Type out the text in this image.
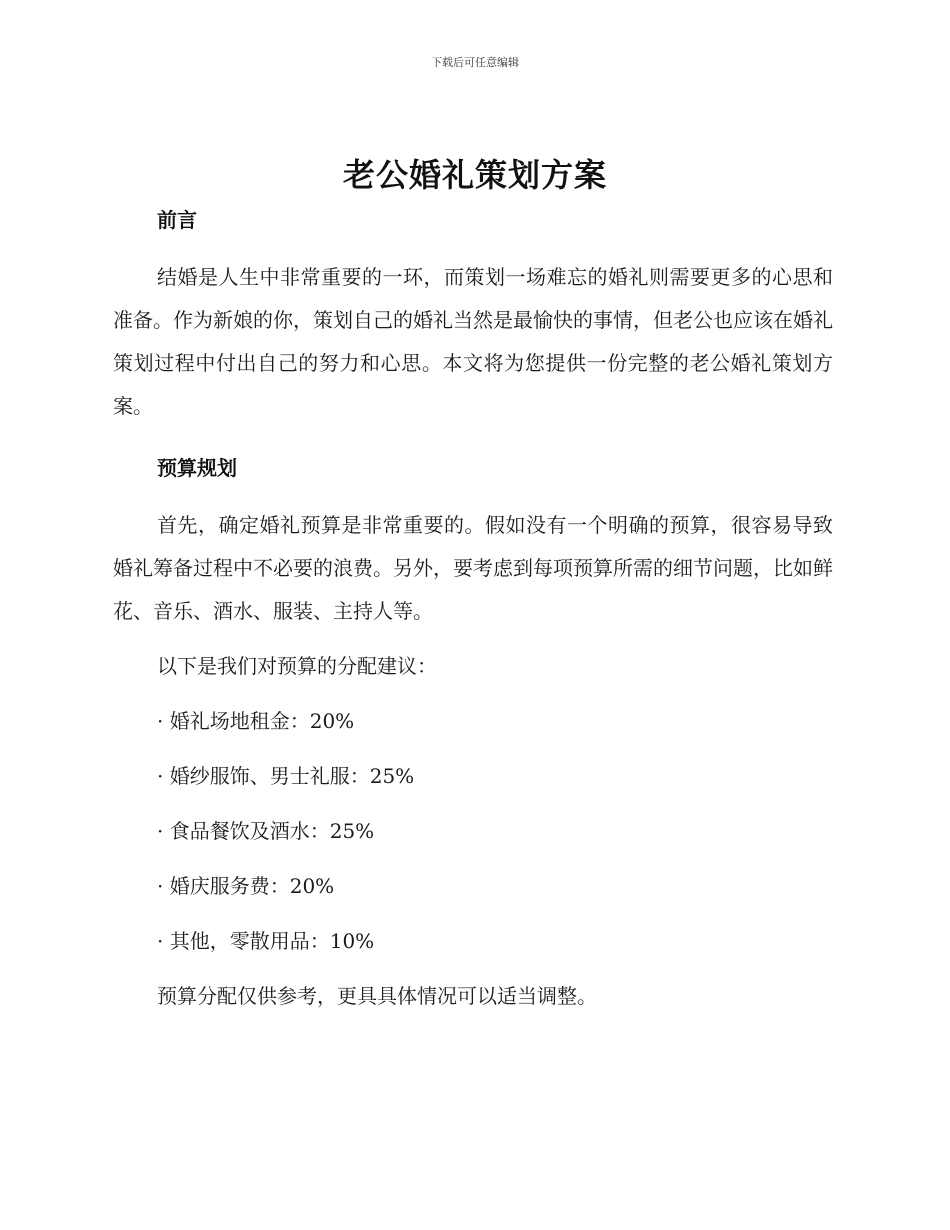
下载后可任意编辑
老公婚礼策划方案
前言

结婚是人生中非常重要的一环，而策划一场难忘的婚礼则需要更多的心思和准备。作为新娘的你，策划自己的婚礼当然是最愉快的事情，但老公也应该在婚礼策划过程中付出自己的努力和心思。本文将为您提供一份完整的老公婚礼策划方案。

预算规划

首先，确定婚礼预算是非常重要的。假如没有一个明确的预算，很容易导致婚礼筹备过程中不必要的浪费。另外，要考虑到每项预算所需的细节问题，比如鲜花、音乐、酒水、服装、主持人等。

以下是我们对预算的分配建议：

· 婚礼场地租金：20%
· 婚纱服饰、男士礼服：25%
· 食品餐饮及酒水：25%
· 婚庆服务费：20%
· 其他，零散用品：10%

预算分配仅供参考，更具具体情况可以适当调整。
